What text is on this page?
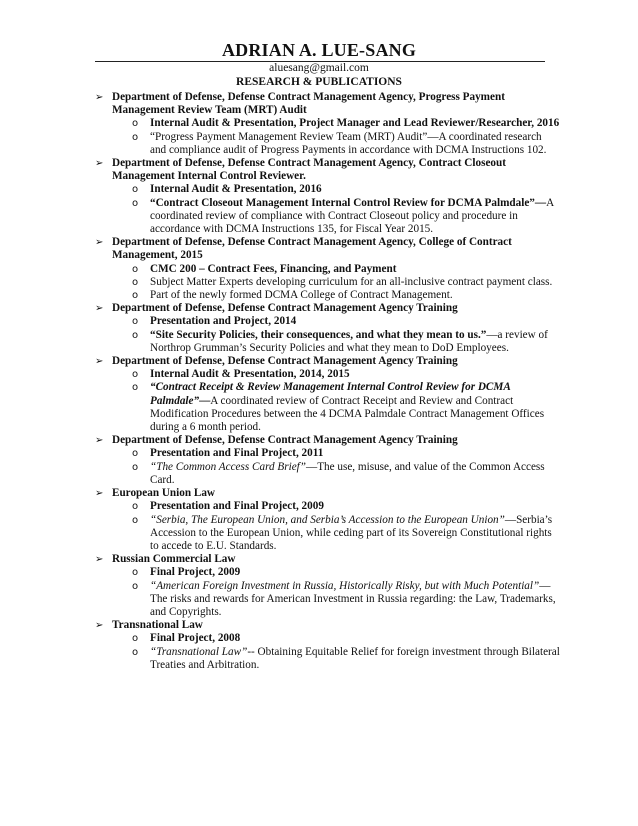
ADRIAN A. LUE-SANG
aluesang@gmail.com
RESEARCH & PUBLICATIONS
➢ Department of Defense, Defense Contract Management Agency, Progress Payment Management Review Team (MRT) Audit
o Internal Audit & Presentation, Project Manager and Lead Reviewer/Researcher, 2016
o “Progress Payment Management Review Team (MRT) Audit”—A coordinated research and compliance audit of Progress Payments in accordance with DCMA Instructions 102.
➢ Department of Defense, Defense Contract Management Agency, Contract Closeout Management Internal Control Reviewer.
o Internal Audit & Presentation, 2016
o “Contract Closeout Management Internal Control Review for DCMA Palmdale”—A coordinated review of compliance with Contract Closeout policy and procedure in accordance with DCMA Instructions 135, for Fiscal Year 2015.
➢ Department of Defense, Defense Contract Management Agency, College of Contract Management, 2015
o CMC 200 – Contract Fees, Financing, and Payment
o Subject Matter Experts developing curriculum for an all-inclusive contract payment class.
o Part of the newly formed DCMA College of Contract Management.
➢ Department of Defense, Defense Contract Management Agency Training
o Presentation and Project, 2014
o “Site Security Policies, their consequences, and what they mean to us.”—a review of Northrop Grumman’s Security Policies and what they mean to DoD Employees.
➢ Department of Defense, Defense Contract Management Agency Training
o Internal Audit & Presentation, 2014, 2015
o “Contract Receipt & Review Management Internal Control Review for DCMA Palmdale”—A coordinated review of Contract Receipt and Review and Contract Modification Procedures between the 4 DCMA Palmdale Contract Management Offices during a 6 month period.
➢ Department of Defense, Defense Contract Management Agency Training
o Presentation and Final Project, 2011
o “The Common Access Card Brief”—The use, misuse, and value of the Common Access Card.
➢ European Union Law
o Presentation and Final Project, 2009
o “Serbia, The European Union, and Serbia’s Accession to the European Union”—Serbia’s Accession to the European Union, while ceding part of its Sovereign Constitutional rights to accede to E.U. Standards.
➢ Russian Commercial Law
o Final Project, 2009
o “American Foreign Investment in Russia, Historically Risky, but with Much Potential”—The risks and rewards for American Investment in Russia regarding: the Law, Trademarks, and Copyrights.
➢ Transnational Law
o Final Project, 2008
o “Transnational Law”-- Obtaining Equitable Relief for foreign investment through Bilateral Treaties and Arbitration.
